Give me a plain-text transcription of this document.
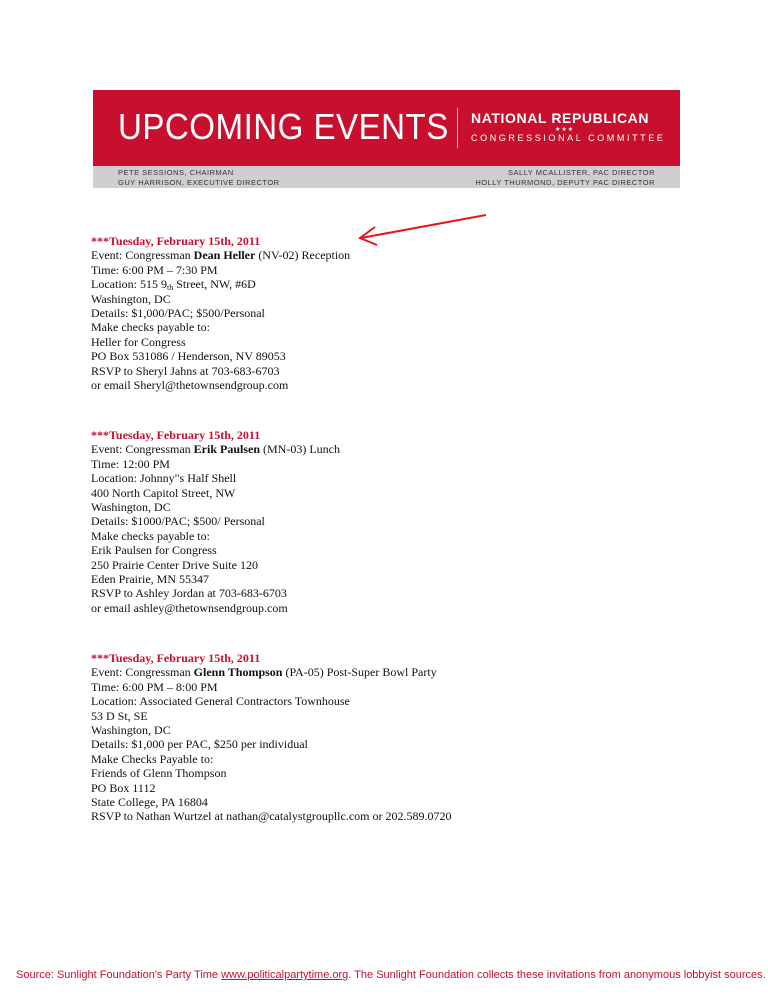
UPCOMING EVENTS NATIONAL REPUBLICAN
★★★
CONGRESSIONAL COMMITTEE
PETE SESSIONS, CHAIRMAN
GUY HARRISON, EXECUTIVE DIRECTOR
SALLY MCALLISTER, PAC DIRECTOR
HOLLY THURMOND, DEPUTY PAC DIRECTOR
***Tuesday, February 15th, 2011
Event: Congressman Dean Heller (NV-02) Reception
Time: 6:00 PM – 7:30 PM
Location: 515 $9_{th}$ Street, NW, #6D
Washington, DC
Details: $1,000/PAC; $500/Personal
Make checks payable to:
Heller for Congress
PO Box 531086 / Henderson, NV 89053
RSVP to Sheryl Jahns at 703-683-6703
or email Sheryl@thetownsendgroup.com
***Tuesday, February 15th, 2011
Event: Congressman Erik Paulsen (MN-03) Lunch
Time: 12:00 PM
Location: Johnny"s Half Shell
400 North Capitol Street, NW
Washington, DC
Details: $1000/PAC; $500/ Personal
Make checks payable to:
Erik Paulsen for Congress
250 Prairie Center Drive Suite 120
Eden Prairie, MN 55347
RSVP to Ashley Jordan at 703-683-6703
or email ashley@thetownsendgroup.com
***Tuesday, February 15th, 2011
Event: Congressman Glenn Thompson (PA-05) Post-Super Bowl Party
Time: 6:00 PM – 8:00 PM
Location: Associated General Contractors Townhouse
53 D St, SE
Washington, DC
Details: $1,000 per PAC, $250 per individual
Make Checks Payable to:
Friends of Glenn Thompson
PO Box 1112
State College, PA 16804
RSVP to Nathan Wurtzel at nathan@catalystgroupllc.com or 202.589.0720
Source: Sunlight Foundation's Party Time www.politicalpartytime.org. The Sunlight Foundation collects these invitations from anonymous lobbyist sources.
